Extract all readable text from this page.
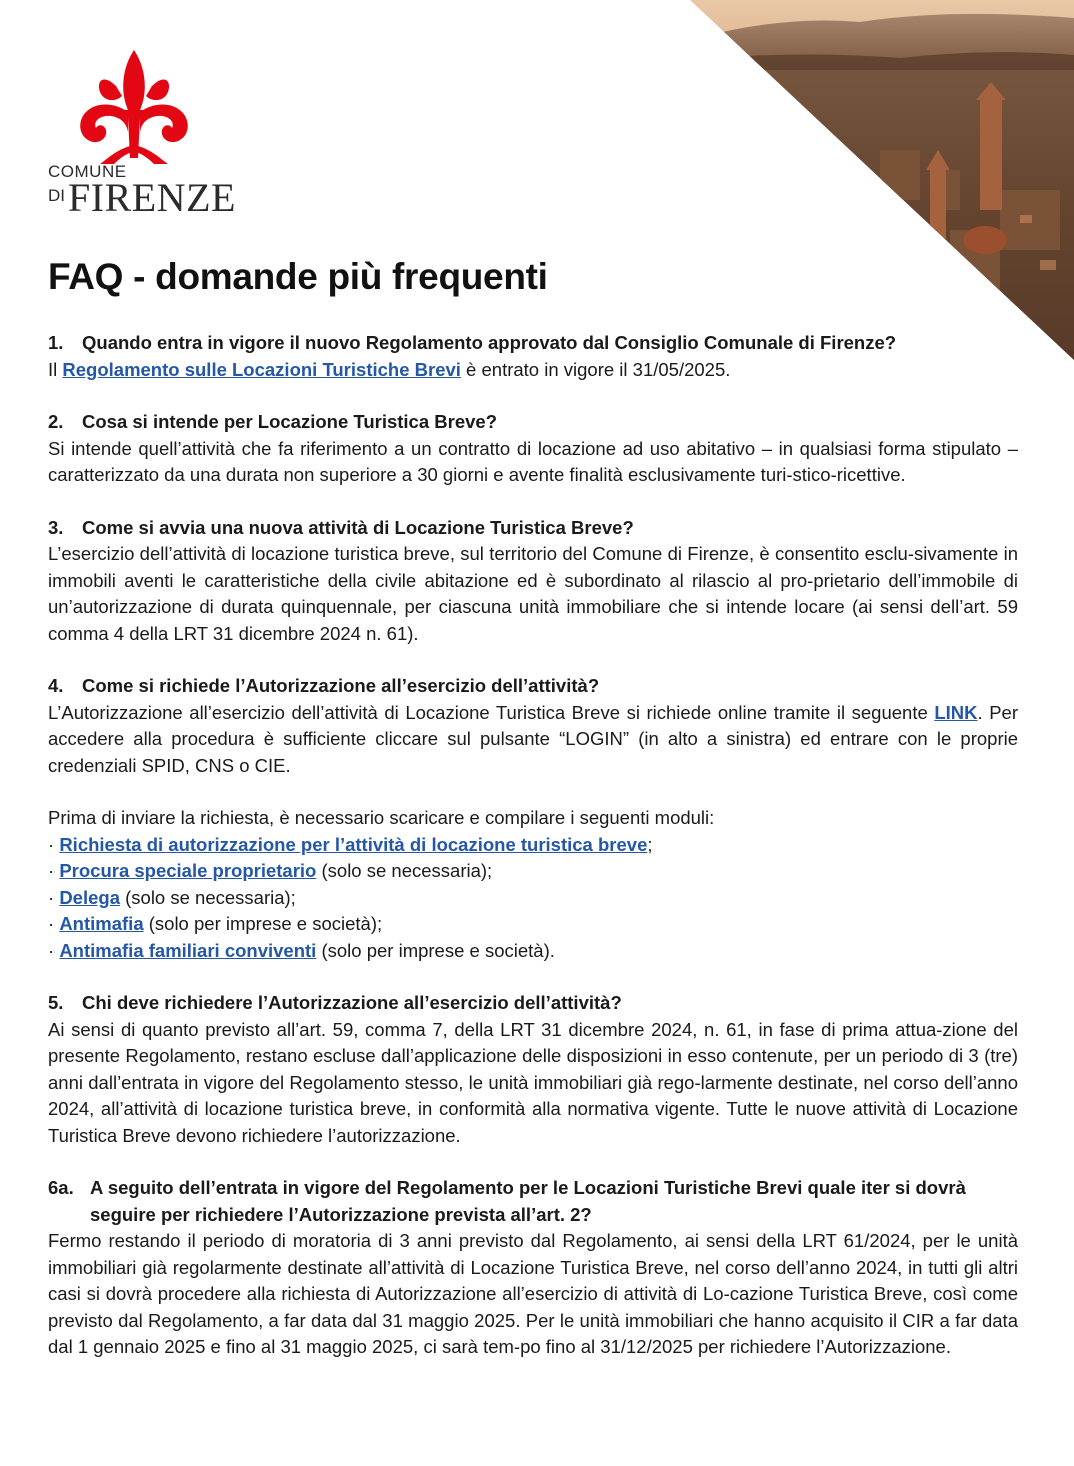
COMUNE
DI FIRENZE
FAQ - domande più frequenti

1. Quando entra in vigore il nuovo Regolamento approvato dal Consiglio Comunale di Firenze?

Il Regolamento sulle Locazioni Turistiche Brevi è entrato in vigore il 31/05/2025.

2. Cosa si intende per Locazione Turistica Breve?

Si intende quell’attività che fa riferimento a un contratto di locazione ad uso abitativo – in qualsiasi forma stipulato – caratterizzato da una durata non superiore a 30 giorni e avente finalità esclusivamente turi-stico-ricettive.

3. Come si avvia una nuova attività di Locazione Turistica Breve?

L’esercizio dell’attività di locazione turistica breve, sul territorio del Comune di Firenze, è consentito esclu-sivamente in immobili aventi le caratteristiche della civile abitazione ed è subordinato al rilascio al pro-prietario dell’immobile di un’autorizzazione di durata quinquennale, per ciascuna unità immobiliare che si intende locare (ai sensi dell’art. 59 comma 4 della LRT 31 dicembre 2024 n. 61).

4. Come si richiede l’Autorizzazione all’esercizio dell’attività?

L’Autorizzazione all’esercizio dell’attività di Locazione Turistica Breve si richiede online tramite il seguente LINK. Per accedere alla procedura è sufficiente cliccare sul pulsante “LOGIN” (in alto a sinistra) ed entrare con le proprie credenziali SPID, CNS o CIE.

Prima di inviare la richiesta, è necessario scaricare e compilare i seguenti moduli:

· Richiesta di autorizzazione per l’attività di locazione turistica breve;

· Procura speciale proprietario (solo se necessaria);

· Delega (solo se necessaria);

· Antimafia (solo per imprese e società);

· Antimafia familiari conviventi (solo per imprese e società).

5. Chi deve richiedere l’Autorizzazione all’esercizio dell’attività?

Ai sensi di quanto previsto all’art. 59, comma 7, della LRT 31 dicembre 2024, n. 61, in fase di prima attua-zione del presente Regolamento, restano escluse dall’applicazione delle disposizioni in esso contenute, per un periodo di 3 (tre) anni dall’entrata in vigore del Regolamento stesso, le unità immobiliari già rego-larmente destinate, nel corso dell’anno 2024, all’attività di locazione turistica breve, in conformità alla normativa vigente. Tutte le nuove attività di Locazione Turistica Breve devono richiedere l’autorizzazione.

6a. A seguito dell’entrata in vigore del Regolamento per le Locazioni Turistiche Brevi quale iter si dovrà seguire per richiedere l’Autorizzazione prevista all’art. 2?

Fermo restando il periodo di moratoria di 3 anni previsto dal Regolamento, ai sensi della LRT 61/2024, per le unità immobiliari già regolarmente destinate all’attività di Locazione Turistica Breve, nel corso dell’anno 2024, in tutti gli altri casi si dovrà procedere alla richiesta di Autorizzazione all’esercizio di attività di Lo-cazione Turistica Breve, così come previsto dal Regolamento, a far data dal 31 maggio 2025. Per le unità immobiliari che hanno acquisito il CIR a far data dal 1 gennaio 2025 e fino al 31 maggio 2025, ci sarà tem-po fino al 31/12/2025 per richiedere l’Autorizzazione.
